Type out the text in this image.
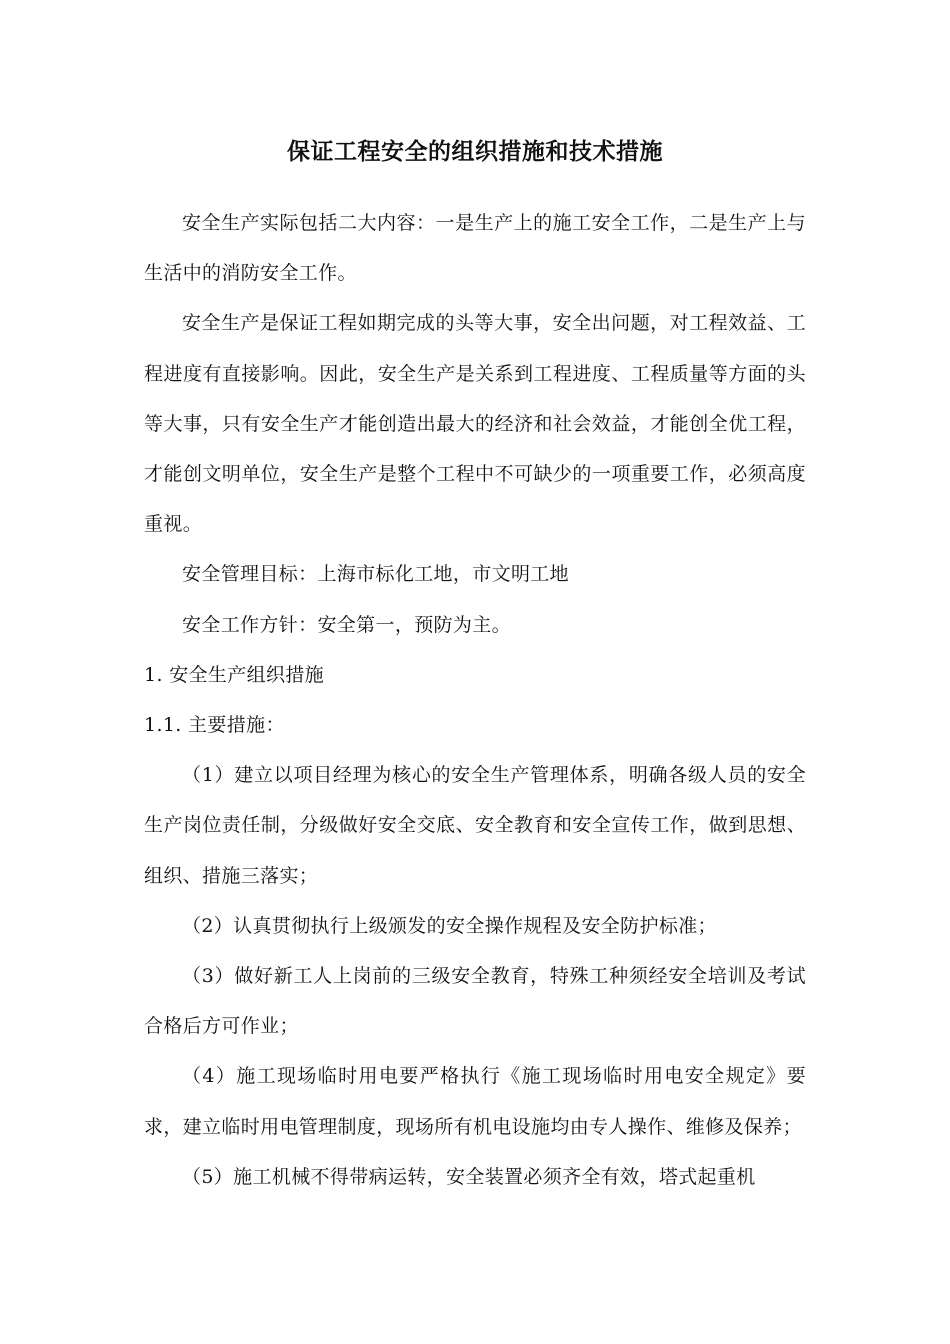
保证工程安全的组织措施和技术措施

安全生产实际包括二大内容：一是生产上的施工安全工作，二是生产上与生活中的消防安全工作。

安全生产是保证工程如期完成的头等大事，安全出问题，对工程效益、工程进度有直接影响。因此，安全生产是关系到工程进度、工程质量等方面的头等大事，只有安全生产才能创造出最大的经济和社会效益，才能创全优工程，才能创文明单位，安全生产是整个工程中不可缺少的一项重要工作，必须高度重视。

安全管理目标：上海市标化工地，市文明工地

安全工作方针：安全第一，预防为主。

1. 安全生产组织措施

1.1. 主要措施：

（1）建立以项目经理为核心的安全生产管理体系，明确各级人员的安全生产岗位责任制，分级做好安全交底、安全教育和安全宣传工作，做到思想、组织、措施三落实；

（2）认真贯彻执行上级颁发的安全操作规程及安全防护标准；

（3）做好新工人上岗前的三级安全教育，特殊工种须经安全培训及考试合格后方可作业；

（4）施工现场临时用电要严格执行《施工现场临时用电安全规定》要求，建立临时用电管理制度，现场所有机电设施均由专人操作、维修及保养；

（5）施工机械不得带病运转，安全装置必须齐全有效，塔式起重机
